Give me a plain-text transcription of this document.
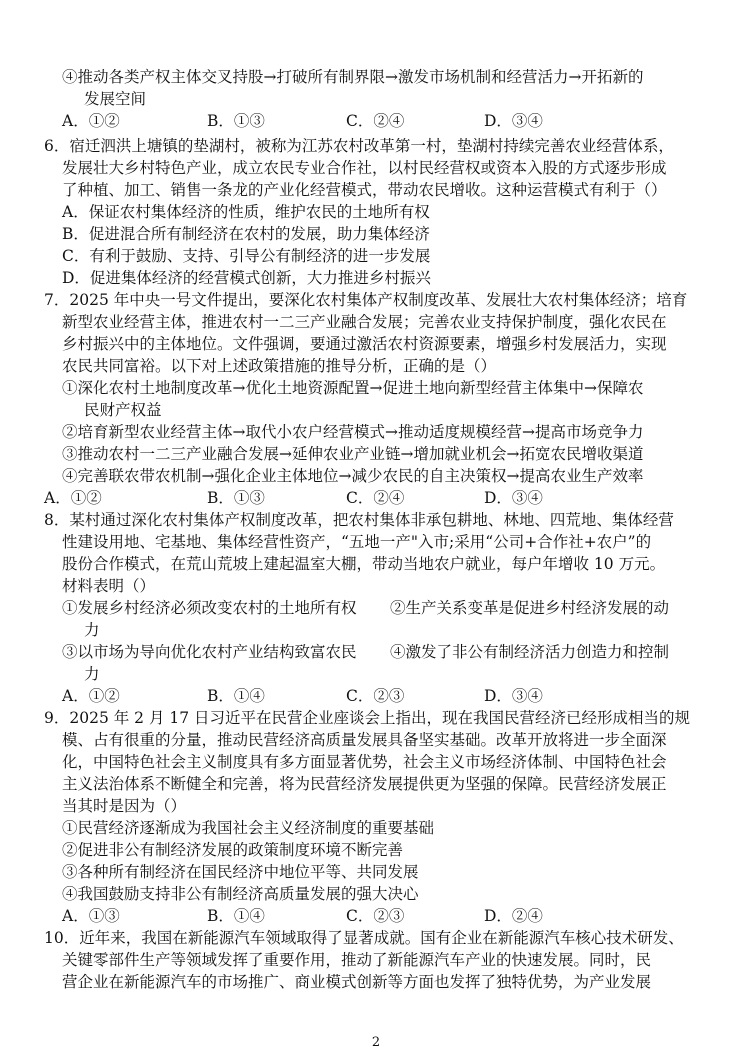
④推动各类产权主体交叉持股→打破所有制界限→激发市场机制和经营活力→开拓新的
发展空间
6．宿迁泗洪上塘镇的垫湖村，被称为江苏农村改革第一村，垫湖村持续完善农业经营体系，
发展壮大乡村特色产业，成立农民专业合作社，以村民经营权或资本入股的方式逐步形成
了种植、加工、销售一条龙的产业化经营模式，带动农民增收。这种运营模式有利于（）
A．保证农村集体经济的性质，维护农民的土地所有权
B．促进混合所有制经济在农村的发展，助力集体经济
C．有利于鼓励、支持、引导公有制经济的进一步发展
D．促进集体经济的经营模式创新，大力推进乡村振兴
7．2025 年中央一号文件提出，要深化农村集体产权制度改革、发展壮大农村集体经济；培育
新型农业经营主体，推进农村一二三产业融合发展；完善农业支持保护制度，强化农民在
乡村振兴中的主体地位。文件强调，要通过激活农村资源要素，增强乡村发展活力，实现
农民共同富裕。以下对上述政策措施的推导分析，正确的是（）
①深化农村土地制度改革→优化土地资源配置→促进土地向新型经营主体集中→保障农
民财产权益
②培育新型农业经营主体→取代小农户经营模式→推动适度规模经营→提高市场竞争力
③推动农村一二三产业融合发展→延伸农业产业链→增加就业机会→拓宽农民增收渠道
④完善联农带农机制→强化企业主体地位→减少农民的自主决策权→提高农业生产效率
8．某村通过深化农村集体产权制度改革，把农村集体非承包耕地、林地、四荒地、集体经营
性建设用地、宅基地、集体经营性资产，“五地一产"入市;采用“公司+合作社+农户”的
股份合作模式，在荒山荒坡上建起温室大棚，带动当地农户就业，每户年增收 10 万元。
材料表明（）
①发展乡村经济必须改变农村的土地所有权 ②生产关系变革是促进乡村经济发展的动
力
③以市场为导向优化农村产业结构致富农民 ④激发了非公有制经济活力创造力和控制
力
9．2025 年 2 月 17 日习近平在民营企业座谈会上指出，现在我国民营经济已经形成相当的规
模、占有很重的分量，推动民营经济高质量发展具备坚实基础。改革开放将进一步全面深
化，中国特色社会主义制度具有多方面显著优势，社会主义市场经济体制、中国特色社会
主义法治体系不断健全和完善，将为民营经济发展提供更为坚强的保障。民营经济发展正
当其时是因为（）
①民营经济逐渐成为我国社会主义经济制度的重要基础
②促进非公有制经济发展的政策制度环境不断完善
③各种所有制经济在国民经济中地位平等、共同发展
④我国鼓励支持非公有制经济高质量发展的强大决心
10．近年来，我国在新能源汽车领域取得了显著成就。国有企业在新能源汽车核心技术研发、
关键零部件生产等领域发挥了重要作用，推动了新能源汽车产业的快速发展。同时，民
营企业在新能源汽车的市场推广、商业模式创新等方面也发挥了独特优势，为产业发展
A．①②	B．①③	C．②④	D．③④
A．①②	B．①③	C．②④	D．③④
A．①②	B．①④	C．②③	D．③④
A．①③	B．①④	C．②③	D．②④
2
